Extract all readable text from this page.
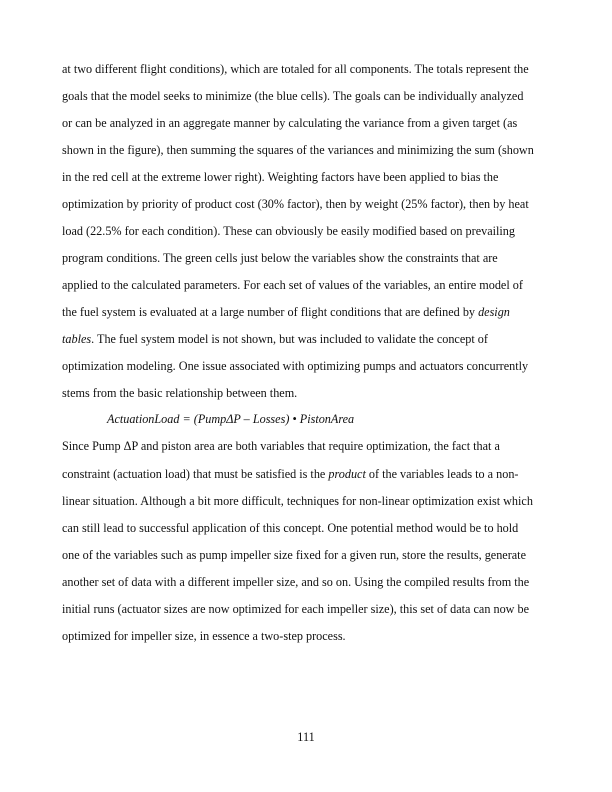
at two different flight conditions), which are totaled for all components. The totals represent the
goals that the model seeks to minimize (the blue cells). The goals can be individually analyzed
or can be analyzed in an aggregate manner by calculating the variance from a given target (as
shown in the figure), then summing the squares of the variances and minimizing the sum (shown
in the red cell at the extreme lower right). Weighting factors have been applied to bias the
optimization by priority of product cost (30% factor), then by weight (25% factor), then by heat
load (22.5% for each condition). These can obviously be easily modified based on prevailing
program conditions. The green cells just below the variables show the constraints that are
applied to the calculated parameters. For each set of values of the variables, an entire model of
the fuel system is evaluated at a large number of flight conditions that are defined by design
tables. The fuel system model is not shown, but was included to validate the concept of
optimization modeling. One issue associated with optimizing pumps and actuators concurrently
stems from the basic relationship between them.
ActuationLoad = (PumpΔP – Losses) • PistonArea
Since Pump ΔP and piston area are both variables that require optimization, the fact that a
constraint (actuation load) that must be satisfied is the product of the variables leads to a non-
linear situation. Although a bit more difficult, techniques for non-linear optimization exist which
can still lead to successful application of this concept. One potential method would be to hold
one of the variables such as pump impeller size fixed for a given run, store the results, generate
another set of data with a different impeller size, and so on. Using the compiled results from the
initial runs (actuator sizes are now optimized for each impeller size), this set of data can now be
optimized for impeller size, in essence a two-step process.
111
